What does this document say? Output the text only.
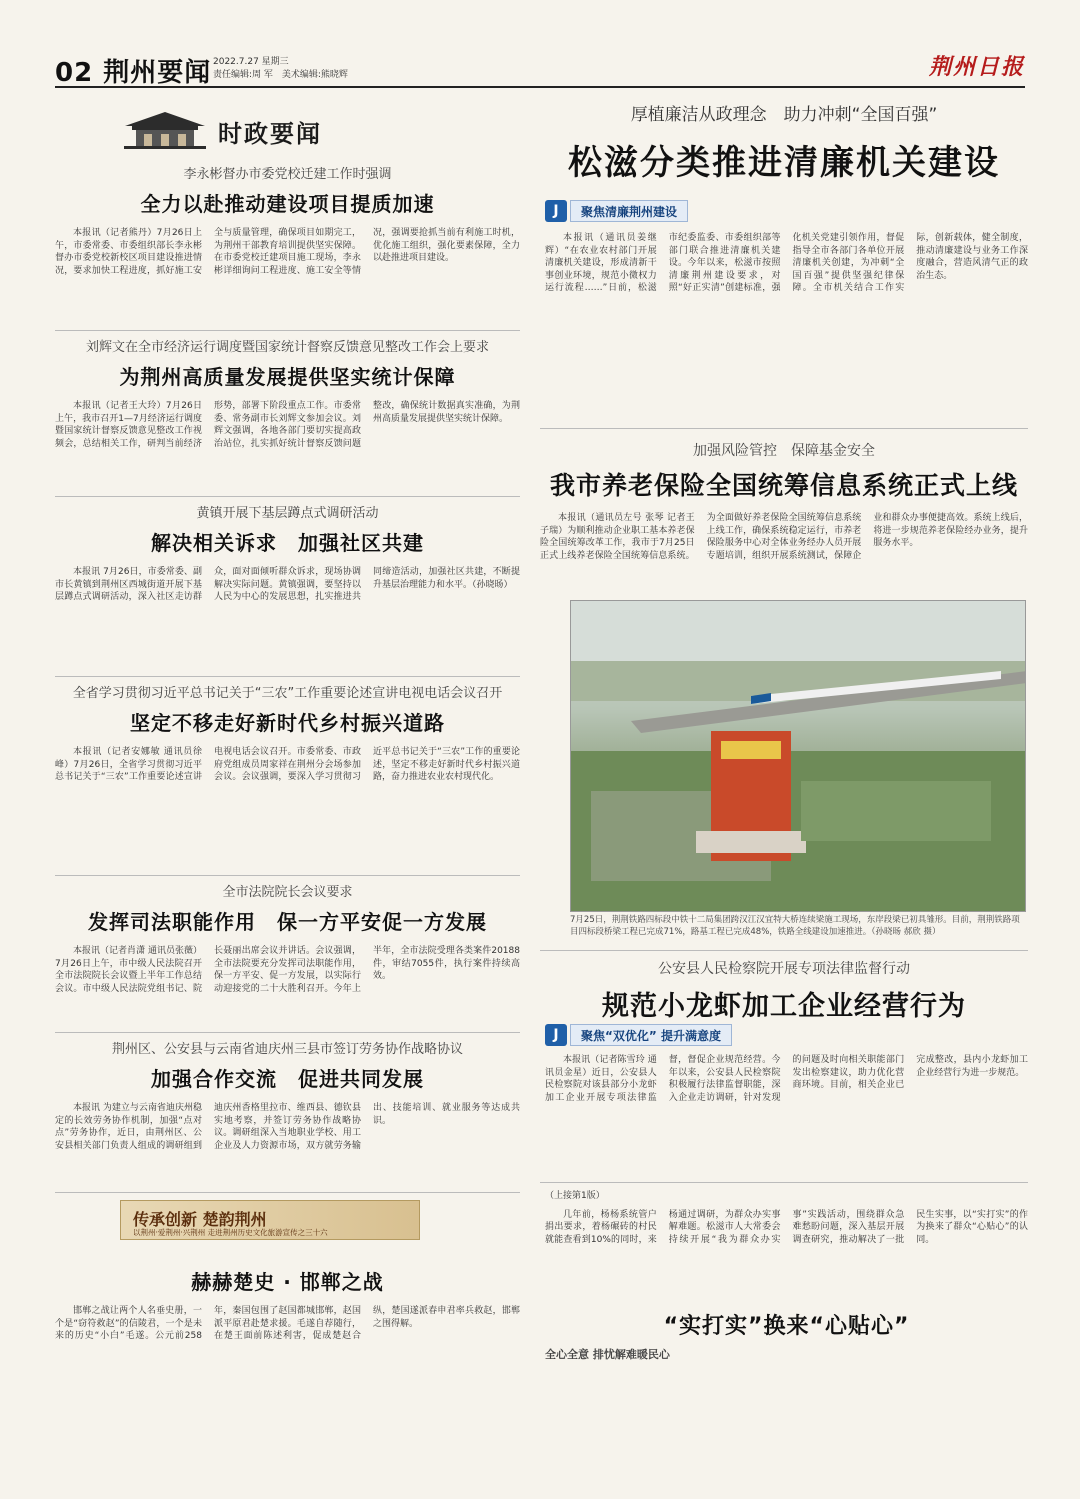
02 荆州要闻 2022.7.27 星期三
责任编辑:周 军　美术编辑:熊晓辉	荆州日报
时政要闻
李永彬督办市委党校迁建工作时强调
全力以赴推动建设项目提质加速

本报讯（记者熊丹）7月26日上午，市委常委、市委组织部长李永彬督办市委党校新校区项目建设推进情况，要求加快工程进度，抓好施工安全与质量管理，确保项目如期完工，为荆州干部教育培训提供坚实保障。在市委党校迁建项目施工现场，李永彬详细询问工程进度、施工安全等情况，强调要抢抓当前有利施工时机，优化施工组织，强化要素保障，全力以赴推进项目建设。

刘辉文在全市经济运行调度暨国家统计督察反馈意见整改工作会上要求
为荆州高质量发展提供坚实统计保障

本报讯（记者王大玲）7月26日上午，我市召开1—7月经济运行调度暨国家统计督察反馈意见整改工作视频会，总结相关工作，研判当前经济形势，部署下阶段重点工作。市委常委、常务副市长刘辉文参加会议。刘辉文强调，各地各部门要切实提高政治站位，扎实抓好统计督察反馈问题整改，确保统计数据真实准确，为荆州高质量发展提供坚实统计保障。

黄镇开展下基层蹲点式调研活动
解决相关诉求　加强社区共建

本报讯 7月26日，市委常委、副市长黄镇到荆州区西城街道开展下基层蹲点式调研活动，深入社区走访群众，面对面倾听群众诉求，现场协调解决实际问题。黄镇强调，要坚持以人民为中心的发展思想，扎实推进共同缔造活动，加强社区共建，不断提升基层治理能力和水平。（孙晓旸）

全省学习贯彻习近平总书记关于“三农”工作重要论述宣讲电视电话会议召开
坚定不移走好新时代乡村振兴道路

本报讯（记者安娜敏 通讯员徐峰）7月26日，全省学习贯彻习近平总书记关于“三农”工作重要论述宣讲电视电话会议召开。市委常委、市政府党组成员周家祥在荆州分会场参加会议。会议强调，要深入学习贯彻习近平总书记关于“三农”工作的重要论述，坚定不移走好新时代乡村振兴道路，奋力推进农业农村现代化。

全市法院院长会议要求
发挥司法职能作用　保一方平安促一方发展

本报讯（记者肖潇 通讯员张薇）7月26日上午，市中级人民法院召开全市法院院长会议暨上半年工作总结会议。市中级人民法院党组书记、院长聂丽出席会议并讲话。会议强调，全市法院要充分发挥司法职能作用，保一方平安、促一方发展，以实际行动迎接党的二十大胜利召开。今年上半年，全市法院受理各类案件20188件，审结7055件，执行案件持续高效。

荆州区、公安县与云南省迪庆州三县市签订劳务协作战略协议
加强合作交流　促进共同发展

本报讯 为建立与云南省迪庆州稳定的长效劳务协作机制，加强“点对点”劳务协作，近日，由荆州区、公安县相关部门负责人组成的调研组到迪庆州香格里拉市、维西县、德钦县实地考察，并签订劳务协作战略协议。调研组深入当地职业学校、用工企业及人力资源市场，双方就劳务输出、技能培训、就业服务等达成共识。

传承创新 楚韵荆州
以荆州·爱荆州·兴荆州 走进荆州历史文化旅游宣传之三十六
赫赫楚史 · 邯郸之战

邯郸之战让两个人名垂史册，一个是“窃符救赵”的信陵君，一个是未来的历史“小白”毛遂。公元前258年，秦国包围了赵国都城邯郸，赵国派平原君赴楚求援。毛遂自荐随行，在楚王面前陈述利害，促成楚赵合纵，楚国遂派春申君率兵救赵，邯郸之围得解。

厚植廉洁从政理念　助力冲刺“全国百强”
松滋分类推进清廉机关建设
J	聚焦清廉荆州建设

本报讯（通讯员姜继辉）“在农业农村部门开展清廉机关建设，形成清新干事创业环境，规范小微权力运行流程……”日前，松滋市纪委监委、市委组织部等部门联合推进清廉机关建设。今年以来，松滋市按照清廉荆州建设要求，对照“好正实清”创建标准，强化机关党建引领作用，督促指导全市各部门各单位开展清廉机关创建，为冲刺“全国百强”提供坚强纪律保障。全市机关结合工作实际，创新载体，健全制度，推动清廉建设与业务工作深度融合，营造风清气正的政治生态。

加强风险管控　保障基金安全
我市养老保险全国统筹信息系统正式上线

本报讯（通讯员左号 张琴 记者王子瑞）为顺利推动企业职工基本养老保险全国统筹改革工作，我市于7月25日正式上线养老保险全国统筹信息系统。为全面做好养老保险全国统筹信息系统上线工作，确保系统稳定运行，市养老保险服务中心对全体业务经办人员开展专题培训，组织开展系统测试，保障企业和群众办事便捷高效。系统上线后，将进一步规范养老保险经办业务，提升服务水平。

7月25日，荆荆铁路四标段中铁十二局集团跨汉江汉宜特大桥连续梁施工现场，东岸段梁已初具雏形。目前，荆荆铁路项目四标段桥梁工程已完成71%，路基工程已完成48%，铁路全线建设加速推进。（孙晓旸 郝欣 摄）
公安县人民检察院开展专项法律监督行动
规范小龙虾加工企业经营行为
J	聚焦“双优化” 提升满意度

本报讯（记者陈雪玲 通讯员金星）近日，公安县人民检察院对该县部分小龙虾加工企业开展专项法律监督，督促企业规范经营。今年以来，公安县人民检察院积极履行法律监督职能，深入企业走访调研，针对发现的问题及时向相关职能部门发出检察建议，助力优化营商环境。目前，相关企业已完成整改，县内小龙虾加工企业经营行为进一步规范。

（上接第1版）

几年前，杨杨系统管户捐出要求，着杨碾砖的村民就能查看到10%的同时，来杨通过调研，为群众办实事解难题。松滋市人大常委会持续开展“我为群众办实事”实践活动，围绕群众急难愁盼问题，深入基层开展调查研究，推动解决了一批民生实事，以“实打实”的作为换来了群众“心贴心”的认同。

“实打实”换来“心贴心”
全心全意 排忧解难暖民心
